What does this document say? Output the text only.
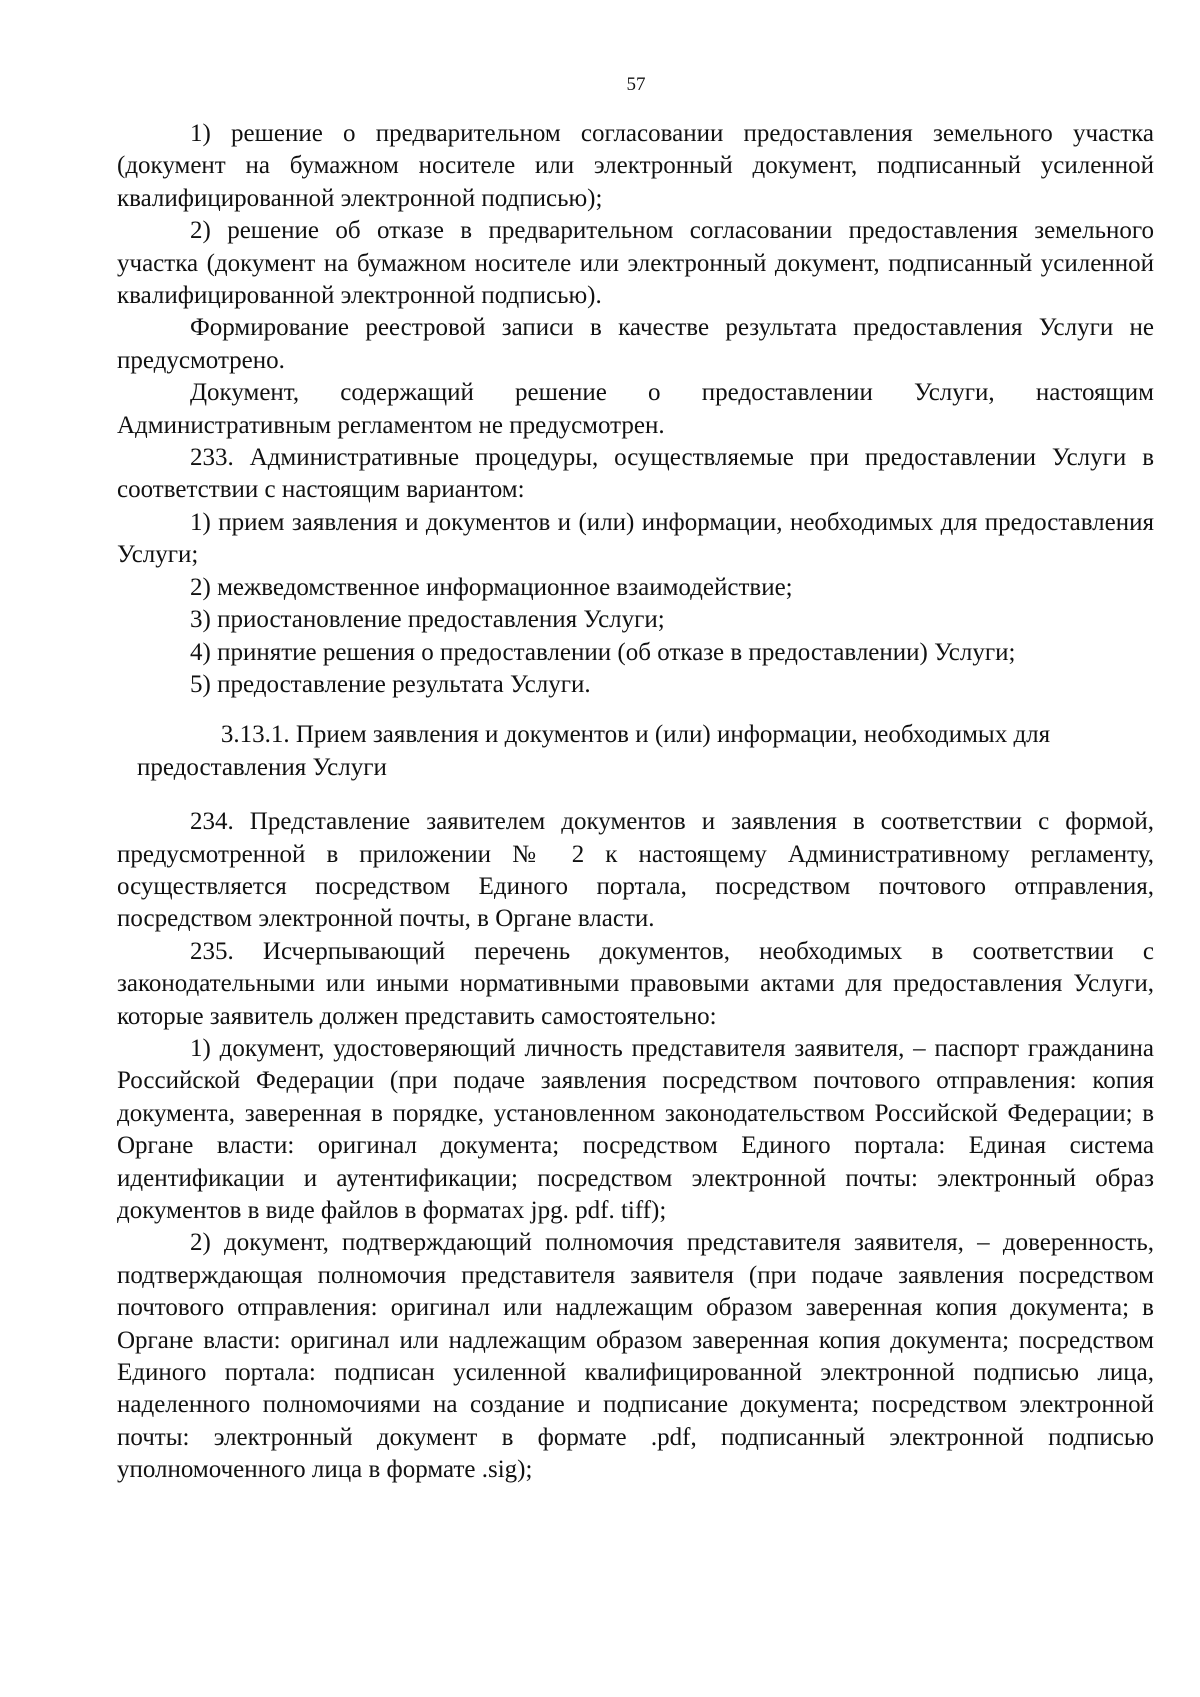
57

1) решение о предварительном согласовании предоставления земельного участка (документ на бумажном носителе или электронный документ, подписанный усиленной квалифицированной электронной подписью);

2) решение об отказе в предварительном согласовании предоставления земельного участка (документ на бумажном носителе или электронный документ, подписанный усиленной квалифицированной электронной подписью).

Формирование реестровой записи в качестве результата предоставления Услуги не предусмотрено.

Документ, содержащий решение о предоставлении Услуги, настоящим Административным регламентом не предусмотрен.

233. Административные процедуры, осуществляемые при предоставлении Услуги в соответствии с настоящим вариантом:

1) прием заявления и документов и (или) информации, необходимых для предоставления Услуги;

2) межведомственное информационное взаимодействие;

3) приостановление предоставления Услуги;

4) принятие решения о предоставлении (об отказе в предоставлении) Услуги;

5) предоставление результата Услуги.

3.13.1. Прием заявления и документов и (или) информации, необходимых для предоставления Услуги

234. Представление заявителем документов и заявления в соответствии с формой, предусмотренной в приложении № 2 к настоящему Административному регламенту, осуществляется посредством Единого портала, посредством почтового отправления, посредством электронной почты, в Органе власти.

235. Исчерпывающий перечень документов, необходимых в соответствии с законодательными или иными нормативными правовыми актами для предоставления Услуги, которые заявитель должен представить самостоятельно:

1) документ, удостоверяющий личность представителя заявителя, – паспорт гражданина Российской Федерации (при подаче заявления посредством почтового отправления: копия документа, заверенная в порядке, установленном законодательством Российской Федерации; в Органе власти: оригинал документа; посредством Единого портала: Единая система идентификации и аутентификации; посредством электронной почты: электронный образ документов в виде файлов в форматах jpg. pdf. tiff);

2) документ, подтверждающий полномочия представителя заявителя, – доверенность, подтверждающая полномочия представителя заявителя (при подаче заявления посредством почтового отправления: оригинал или надлежащим образом заверенная копия документа; в Органе власти: оригинал или надлежащим образом заверенная копия документа; посредством Единого портала: подписан усиленной квалифицированной электронной подписью лица, наделенного полномочиями на создание и подписание документа; посредством электронной почты: электронный документ в формате .pdf, подписанный электронной подписью уполномоченного лица в формате .sig);
